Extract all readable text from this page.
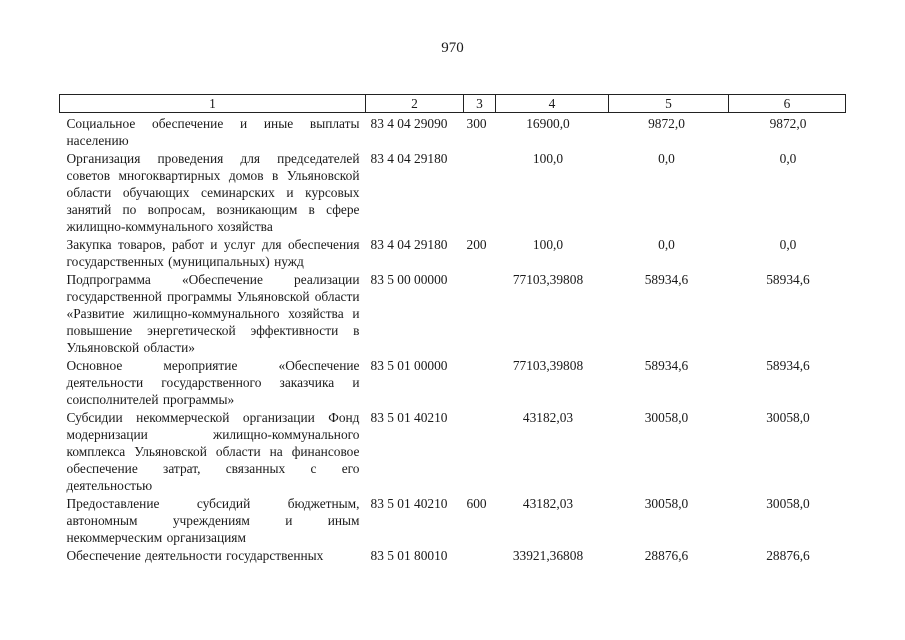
970
1	2	3	4	5	6
Социальное обеспечение и иные выплаты населению	83 4 04 29090	300	16900,0	9872,0	9872,0
Организация проведения для председателей советов многоквартирных домов в Ульяновской области обучающих семинарских и курсовых занятий по вопросам, возникающим в сфере жилищно-коммунального хозяйства	83 4 04 29180		100,0	0,0	0,0
Закупка товаров, работ и услуг для обеспечения государственных (муниципальных) нужд	83 4 04 29180	200	100,0	0,0	0,0
Подпрограмма «Обеспечение реализации государственной программы Ульяновской области «Развитие жилищно-коммунального хозяйства и повышение энергетической эффективности в Ульяновской области»	83 5 00 00000		77103,39808	58934,6	58934,6
Основное мероприятие «Обеспечение деятельности государственного заказчика и соисполнителей программы»	83 5 01 00000		77103,39808	58934,6	58934,6
Субсидии некоммерческой организации Фонд модернизации жилищно-коммунального комплекса Ульяновской области на финансовое обеспечение затрат, связанных с его деятельностью	83 5 01 40210		43182,03	30058,0	30058,0
Предоставление субсидий бюджетным, автономным учреждениям и иным некоммерческим организациям	83 5 01 40210	600	43182,03	30058,0	30058,0
Обеспечение деятельности государственных	83 5 01 80010		33921,36808	28876,6	28876,6
